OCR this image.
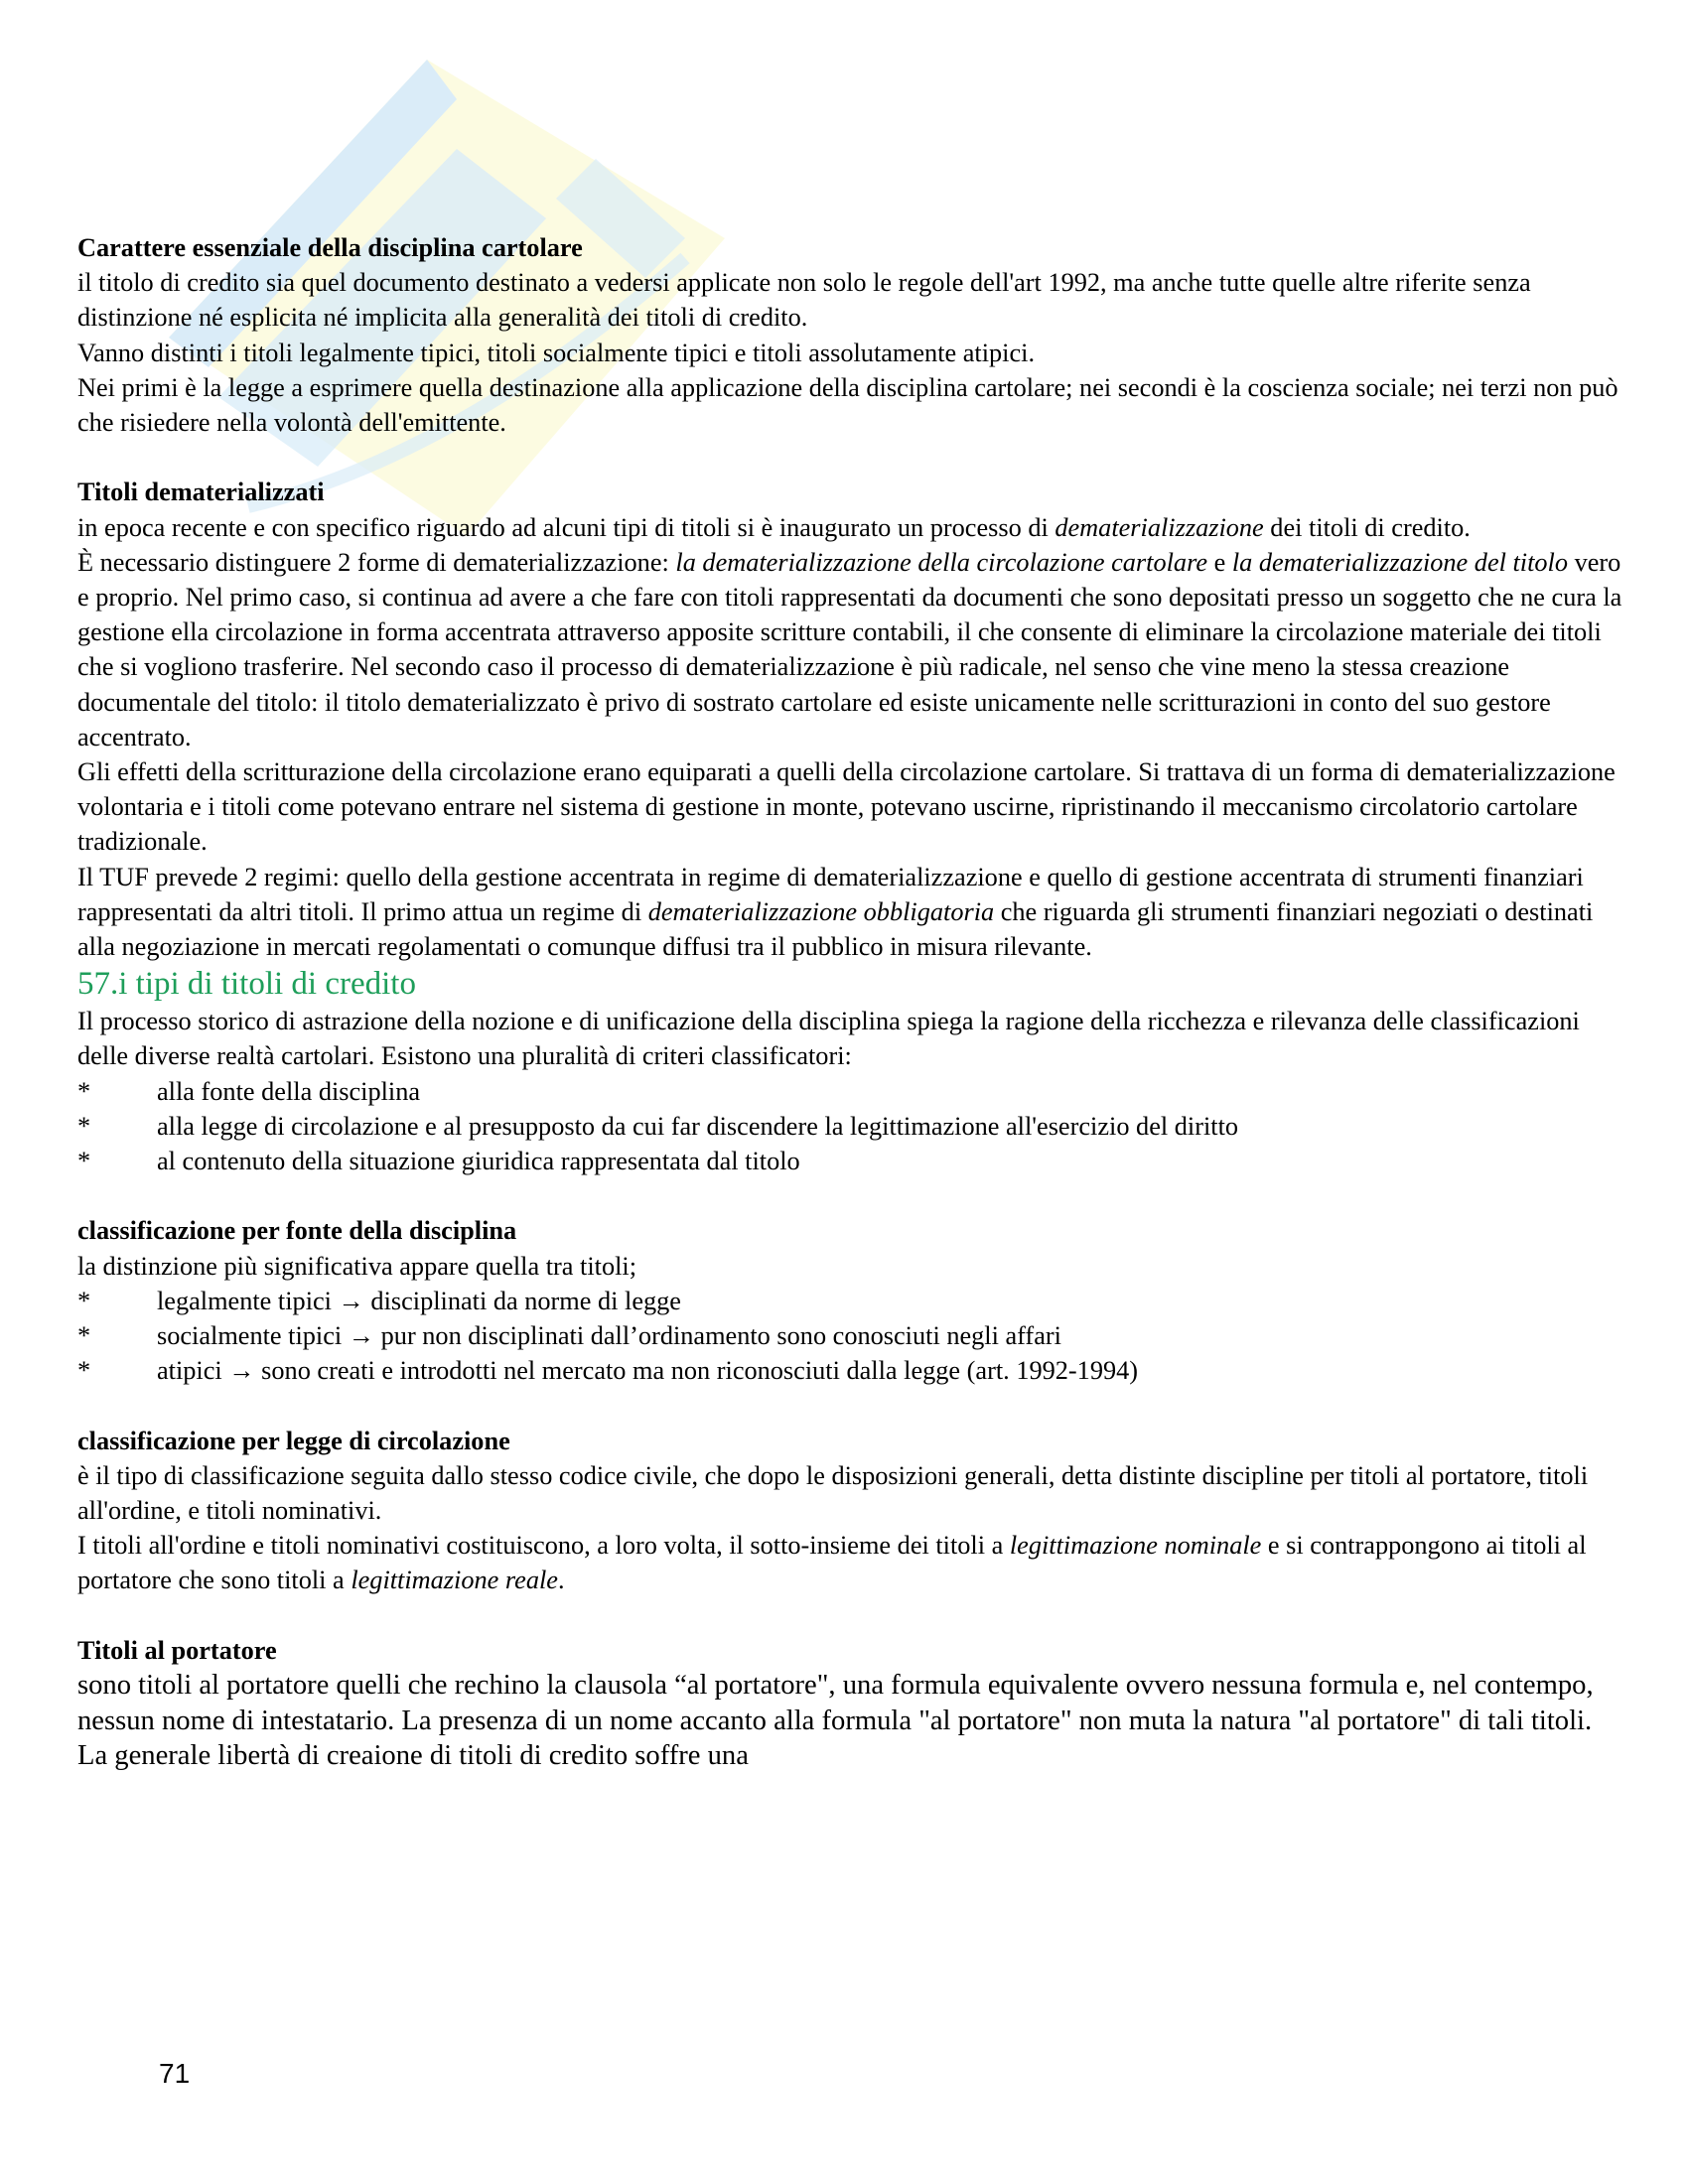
Carattere essenziale della disciplina cartolare

il titolo di credito sia quel documento destinato a vedersi applicate non solo le regole dell'art 1992, ma anche tutte quelle altre riferite senza distinzione né esplicita né implicita alla generalità dei titoli di credito.

Vanno distinti i titoli legalmente tipici, titoli socialmente tipici e titoli assolutamente atipici.

Nei primi è la legge a esprimere quella destinazione alla applicazione della disciplina cartolare; nei secondi è la coscienza sociale; nei terzi non può che risiedere nella volontà dell'emittente.

Titoli dematerializzati

in epoca recente e con specifico riguardo ad alcuni tipi di titoli si è inaugurato un processo di dematerializzazione dei titoli di credito.

È necessario distinguere 2 forme di dematerializzazione: la dematerializzazione della circolazione cartolare e la dematerializzazione del titolo vero e proprio. Nel primo caso, si continua ad avere a che fare con titoli rappresentati da documenti che sono depositati presso un soggetto che ne cura la gestione ella circolazione in forma accentrata attraverso apposite scritture contabili, il che consente di eliminare la circolazione materiale dei titoli che si vogliono trasferire. Nel secondo caso il processo di dematerializzazione è più radicale, nel senso che vine meno la stessa creazione documentale del titolo: il titolo dematerializzato è privo di sostrato cartolare ed esiste unicamente nelle scritturazioni in conto del suo gestore accentrato.

Gli effetti della scritturazione della circolazione erano equiparati a quelli della circolazione cartolare. Si trattava di un forma di dematerializzazione volontaria e i titoli come potevano entrare nel sistema di gestione in monte, potevano uscirne, ripristinando il meccanismo circolatorio cartolare tradizionale.

Il TUF prevede 2 regimi: quello della gestione accentrata in regime di dematerializzazione e quello di gestione accentrata di strumenti finanziari rappresentati da altri titoli. Il primo attua un regime di dematerializzazione obbligatoria che riguarda gli strumenti finanziari negoziati o destinati alla negoziazione in mercati regolamentati o comunque diffusi tra il pubblico in misura rilevante.

57.i tipi di titoli di credito

Il processo storico di astrazione della nozione e di unificazione della disciplina spiega la ragione della ricchezza e rilevanza delle classificazioni delle diverse realtà cartolari. Esistono una pluralità di criteri classificatori:

*	alla fonte della disciplina
*	alla legge di circolazione e al presupposto da cui far discendere la legittimazione all'esercizio del diritto
*	al contenuto della situazione giuridica rappresentata dal titolo

classificazione per fonte della disciplina

la distinzione più significativa appare quella tra titoli;

*	legalmente tipici → disciplinati da norme di legge
*	socialmente tipici → pur non disciplinati dall’ordinamento sono conosciuti negli affari
*	atipici → sono creati e introdotti nel mercato ma non riconosciuti dalla legge (art. 1992-1994)

classificazione per legge di circolazione

è il tipo di classificazione seguita dallo stesso codice civile, che dopo le disposizioni generali, detta distinte discipline per titoli al portatore, titoli all'ordine, e titoli nominativi.

I titoli all'ordine e titoli nominativi costituiscono, a loro volta, il sotto-insieme dei titoli a legittimazione nominale e si contrappongono ai titoli al portatore che sono titoli a legittimazione reale.

Titoli al portatore

sono titoli al portatore quelli che rechino la clausola “al portatore", una formula equivalente ovvero nessuna formula e, nel contempo, nessun nome di intestatario. La presenza di un nome accanto alla formula "al portatore" non muta la natura "al portatore" di tali titoli. La generale libertà di creaione di titoli di credito soffre una

71
